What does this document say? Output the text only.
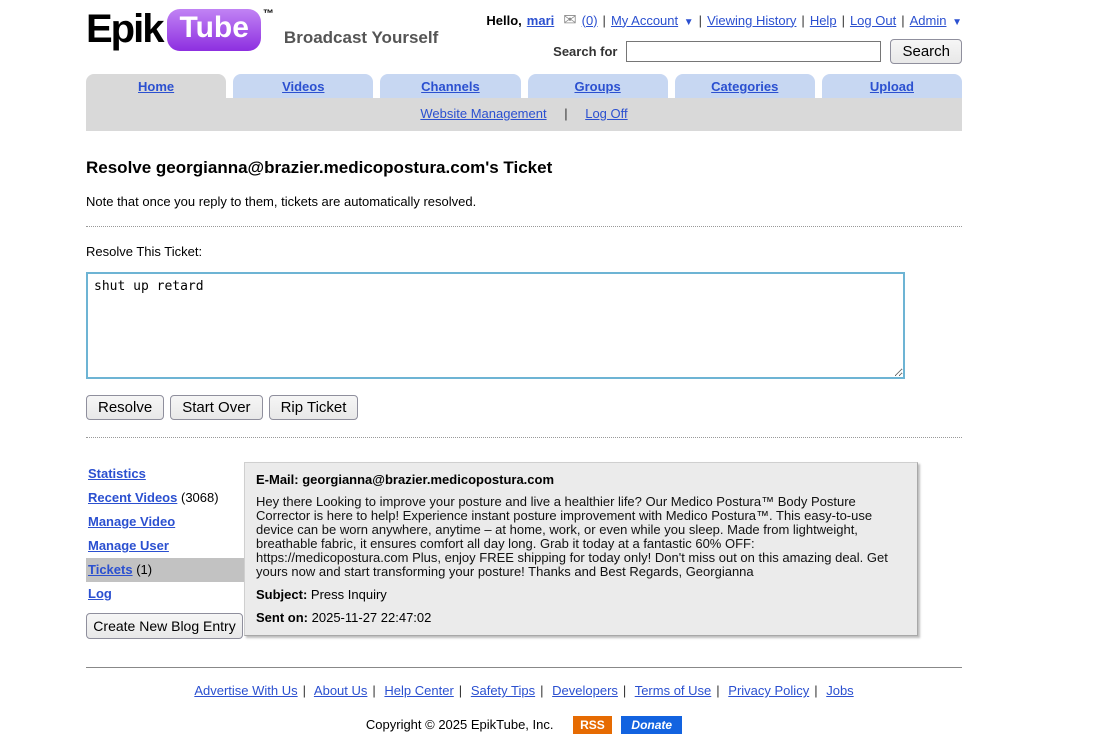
Epik Tube	™
Broadcast Yourself
Hello, mari ✉ (0) | My Account ▼ | Viewing History | Help | Log Out | Admin ▼
Search for	Search
Home	Videos	Channels	Groups	Categories	Upload
Website Management | Log Off
Resolve georgianna@brazier.medicopostura.com's Ticket
Note that once you reply to them, tickets are automatically resolved.
Resolve This Ticket:
shut up retard
Resolve	Start Over	Rip Ticket
Statistics
Recent Videos (3068)
Manage Video
Manage User
Tickets (1)
Log
Create New Blog Entry
E-Mail: georgianna@brazier.medicopostura.com
Hey there Looking to improve your posture and live a healthier life? Our Medico Postura™ Body Posture Corrector is here to help! Experience instant posture improvement with Medico Postura™. This easy-to-use device can be worn anywhere, anytime – at home, work, or even while you sleep. Made from lightweight, breathable fabric, it ensures comfort all day long. Grab it today at a fantastic 60% OFF: https://medicopostura.com Plus, enjoy FREE shipping for today only! Don't miss out on this amazing deal. Get yours now and start transforming your posture! Thanks and Best Regards, Georgianna
Subject: Press Inquiry
Sent on: 2025-11-27 22:47:02
Advertise With Us | About Us | Help Center | Safety Tips | Developers | Terms of Use | Privacy Policy | Jobs
Copyright © 2025 EpikTube, Inc. RSS Donate
